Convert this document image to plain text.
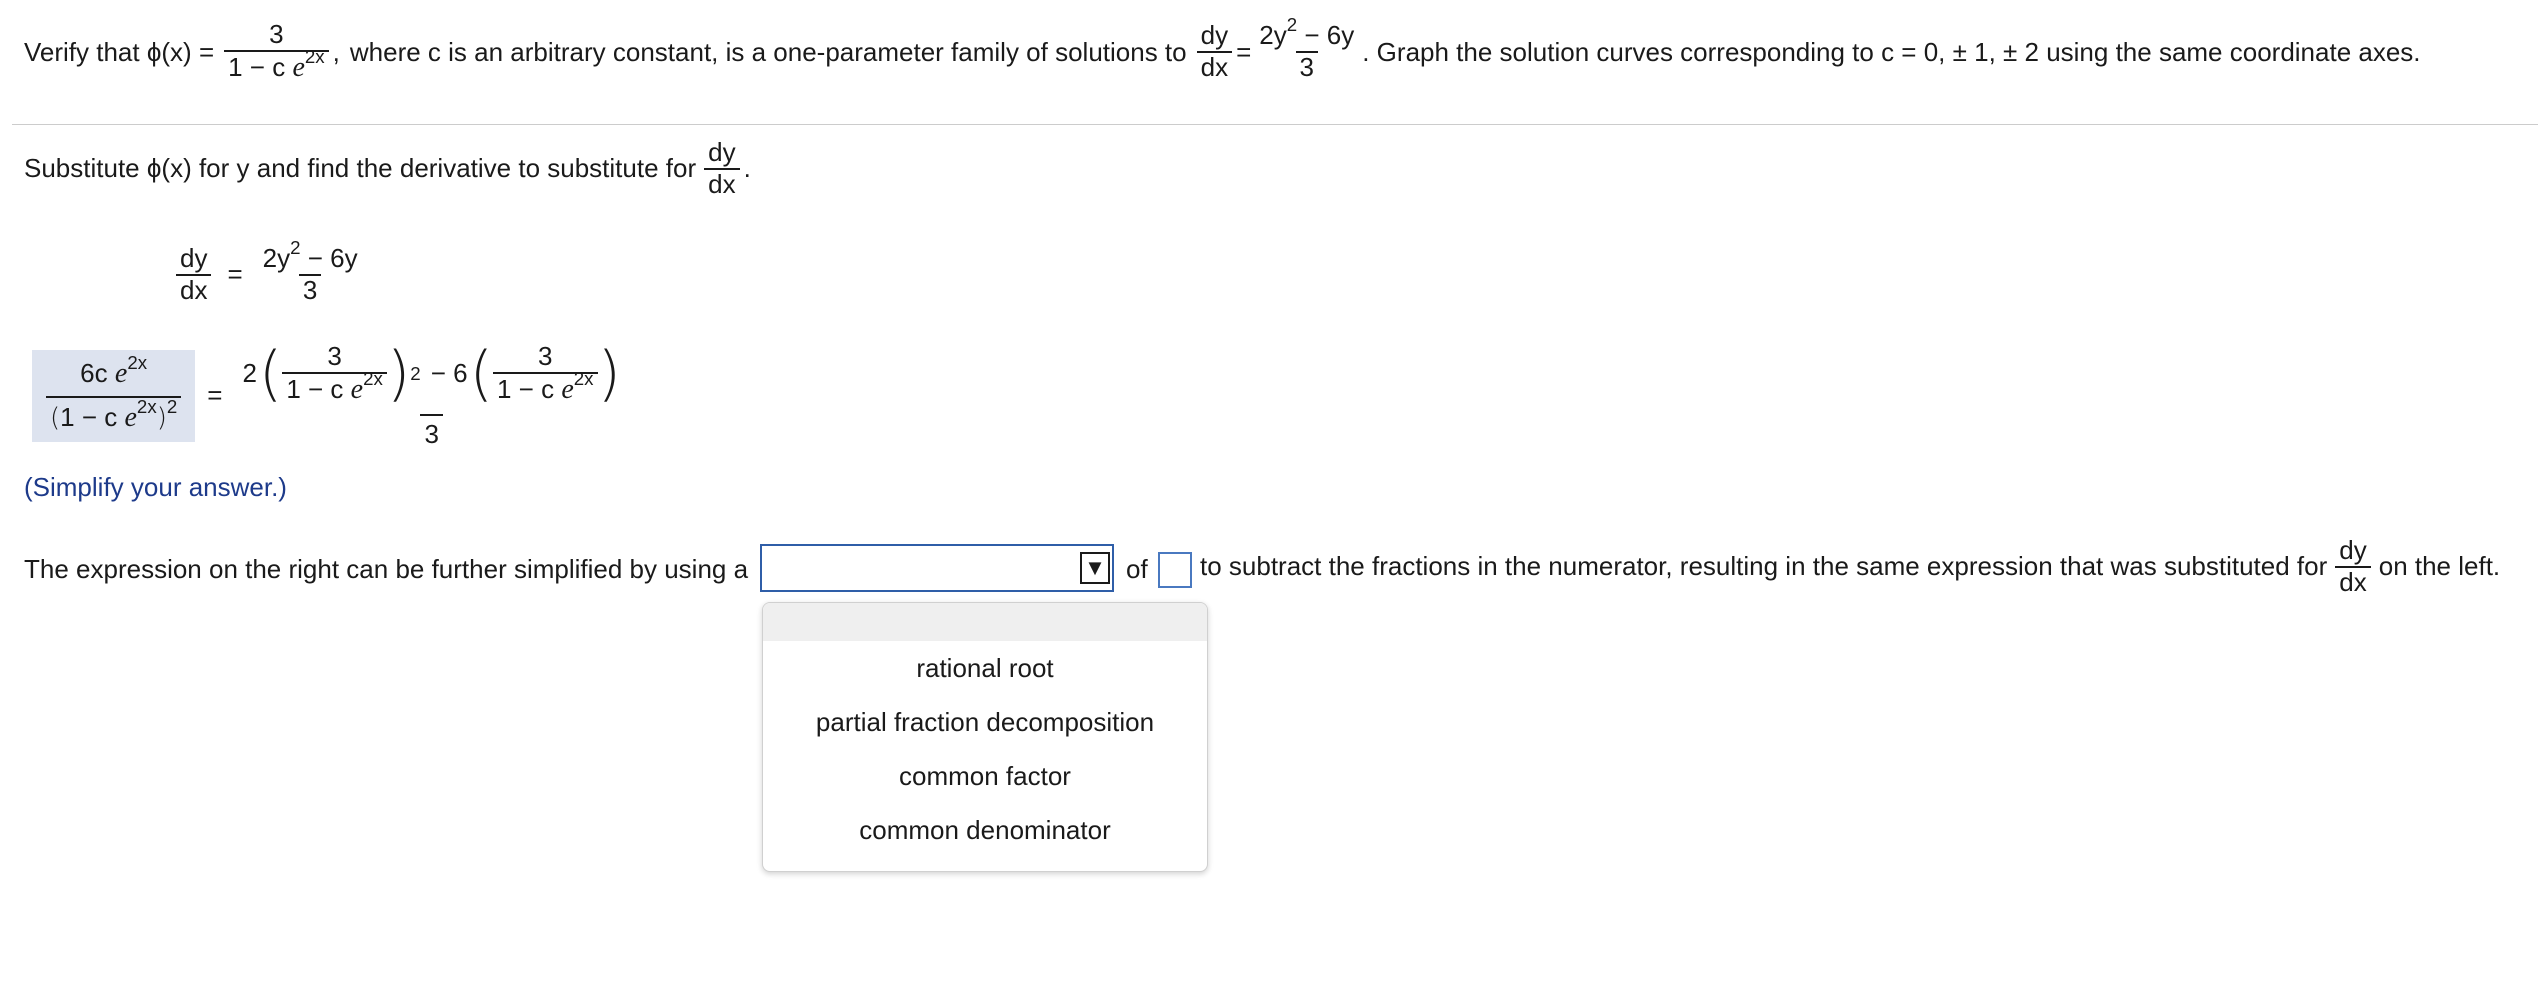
Verify that $\phi(x) = \frac{3}{1 - c e^{2x}}$ , where c is an arbitrary constant, is a one-parameter family of solutions to $\frac{dy}{dx} = \frac{2y^2 - 6y}{3}$ . Graph the solution curves corresponding to c = 0, ± 1, ± 2 using the same coordinate axes.
Substitute ϕ(x) for y and find the derivative to substitute for $\frac{dy}{dx}$ .
$\frac{dy}{dx} = \frac{2y^2 - 6y}{3}$
$\frac{6c e^{2x}}{(1 - c e^{2x})^2}$ =
2 ( $\frac{3}{1 - c e^{2x}}$ ) 2 − 6 ( $\frac{3}{1 - c e^{2x}}$ )
3
(Simplify your answer.)
The expression on the right can be further simplified by using a	▼ of to subtract the fractions in the numerator, resulting in the same expression that was substituted for $\frac{dy}{dx}$ on the left.
rational root
partial fraction decomposition
common factor
common denominator
